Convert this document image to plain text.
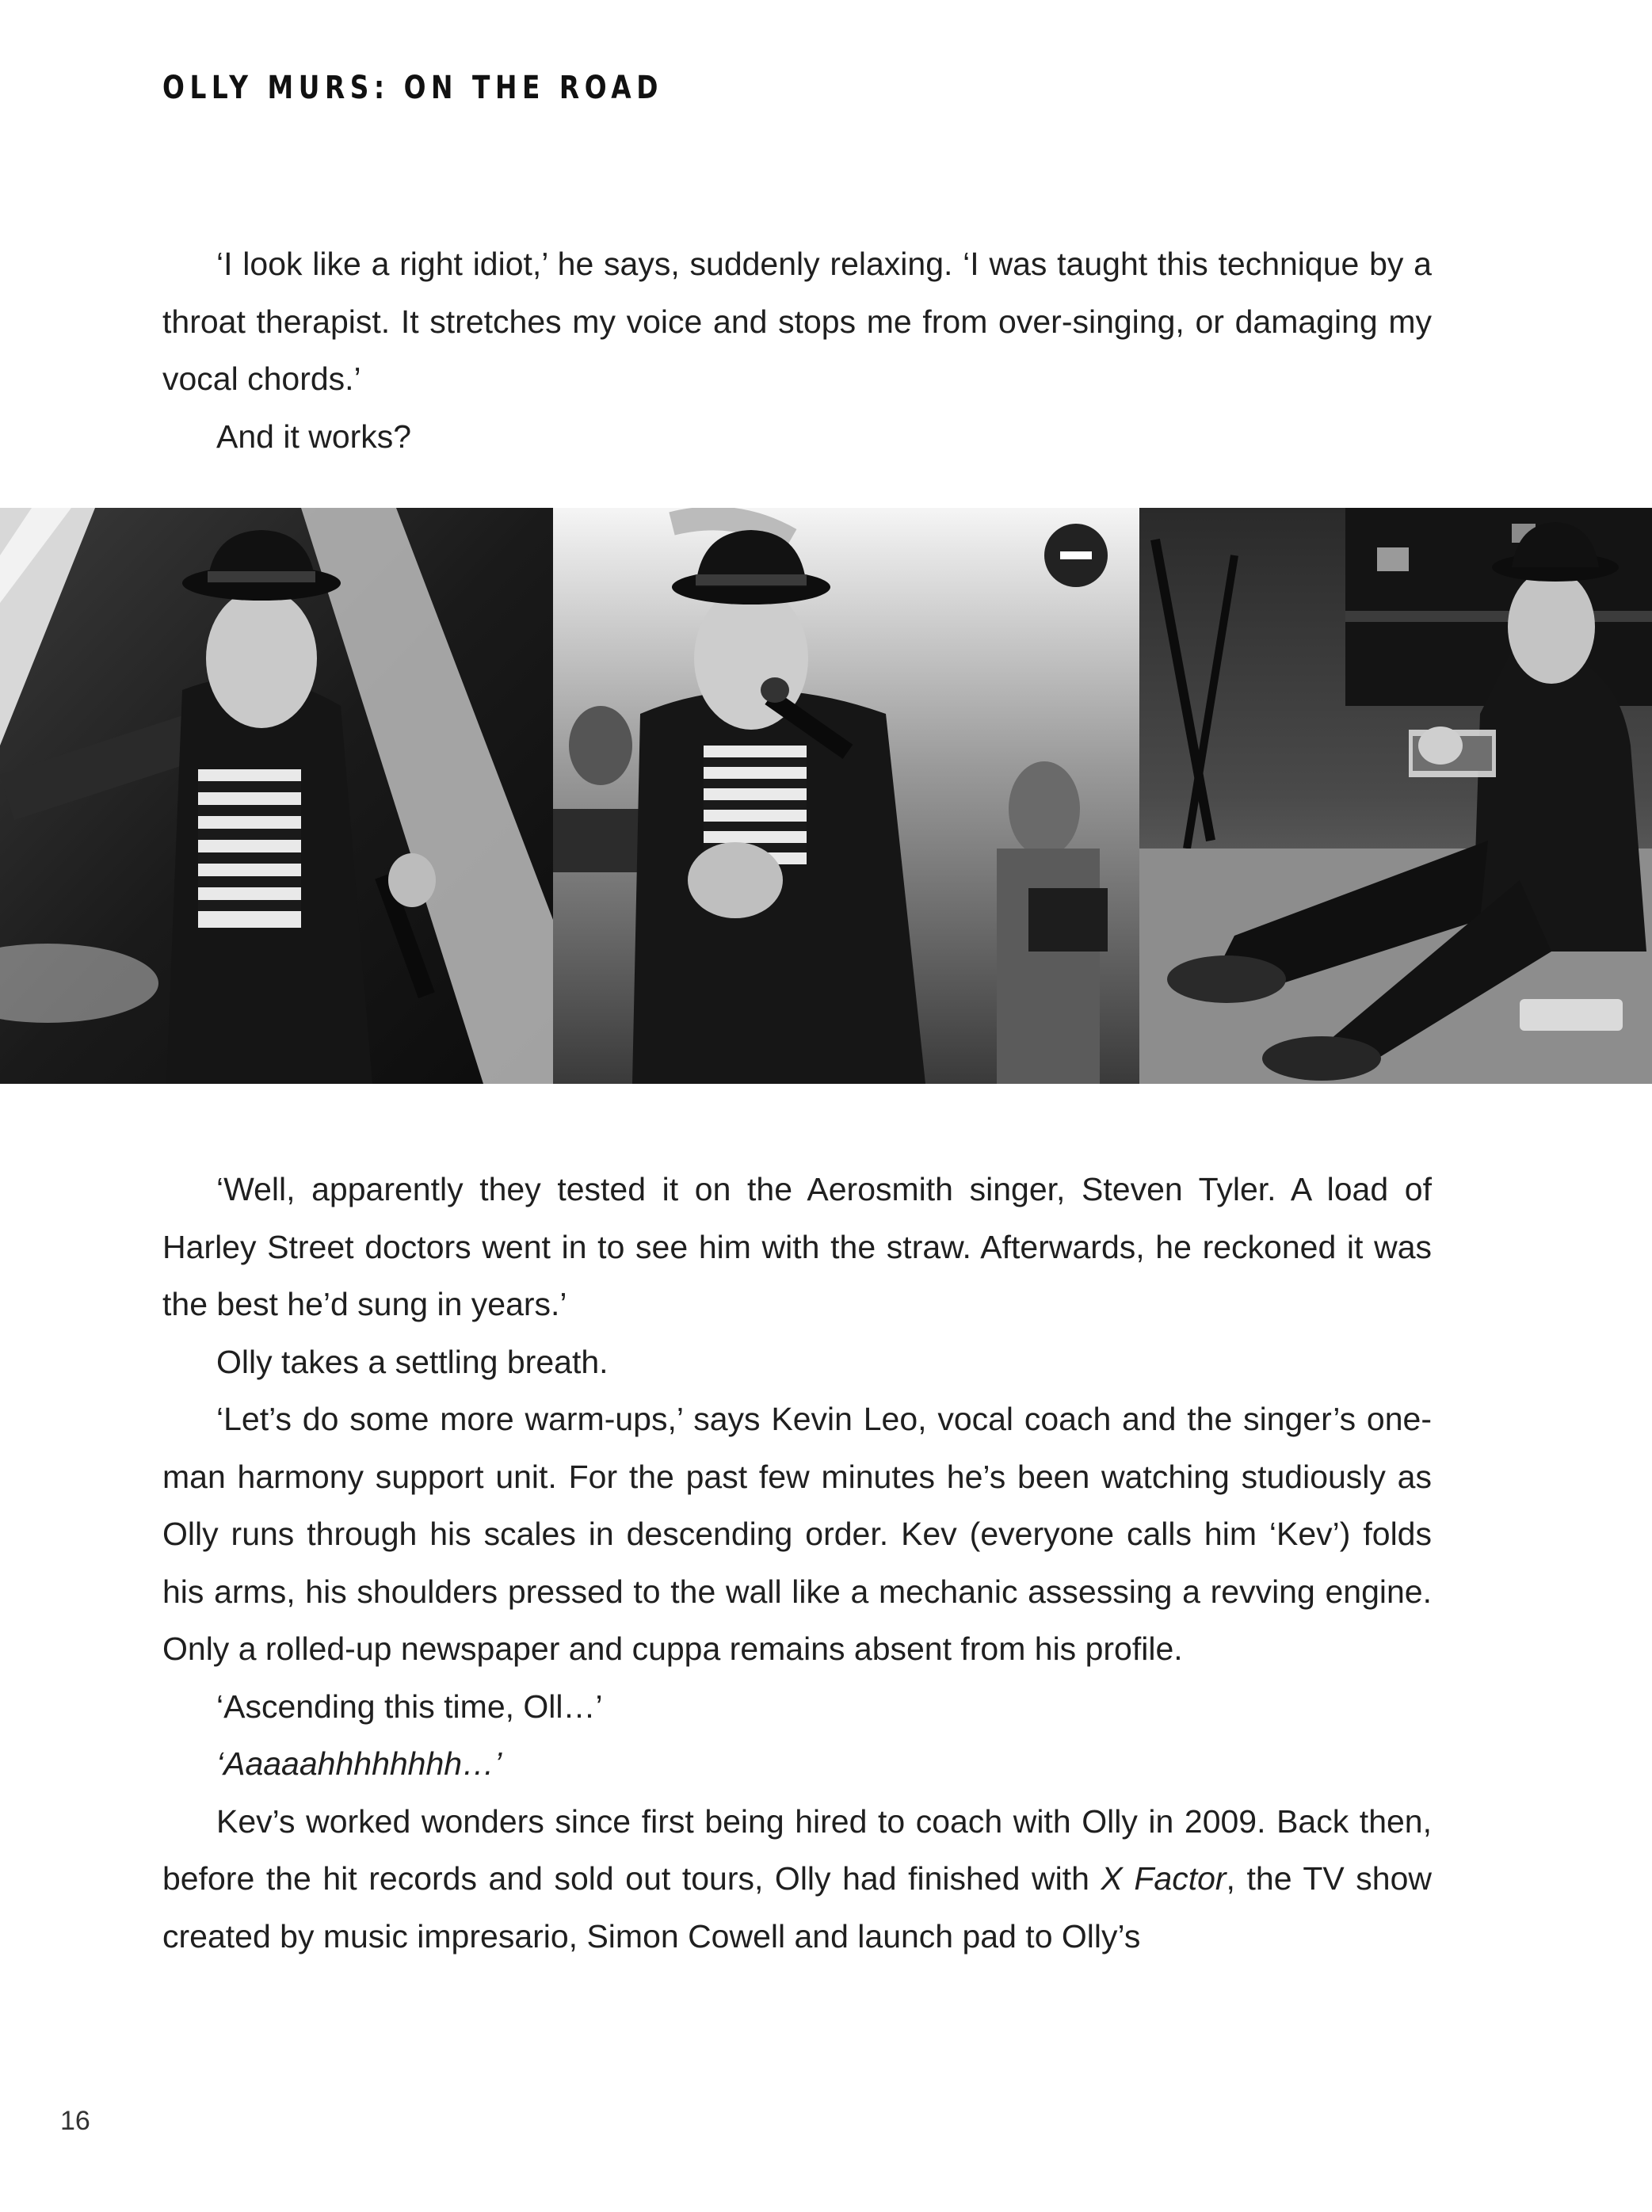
OLLY MURS: ON THE ROAD

‘I look like a right idiot,’ he says, suddenly relaxing. ‘I was taught this technique by a throat therapist. It stretches my voice and stops me from over-singing, or damaging my vocal chords.’

And it works?

‘Well, apparently they tested it on the Aerosmith singer, Steven Tyler. A load of Harley Street doctors went in to see him with the straw. Afterwards, he reckoned it was the best he’d sung in years.’

Olly takes a settling breath.

‘Let’s do some more warm-ups,’ says Kevin Leo, vocal coach and the singer’s one-man harmony support unit. For the past few minutes he’s been watching studiously as Olly runs through his scales in descending order. Kev (everyone calls him ‘Kev’) folds his arms, his shoulders pressed to the wall like a mechanic assessing a revving engine. Only a rolled-up newspaper and cuppa remains absent from his profile.

‘Ascending this time, Oll…’

‘Aaaaahhhhhhhh…’

Kev’s worked wonders since first being hired to coach with Olly in 2009. Back then, before the hit records and sold out tours, Olly had finished with X Factor, the TV show created by music impresario, Simon Cowell and launch pad to Olly’s

16
